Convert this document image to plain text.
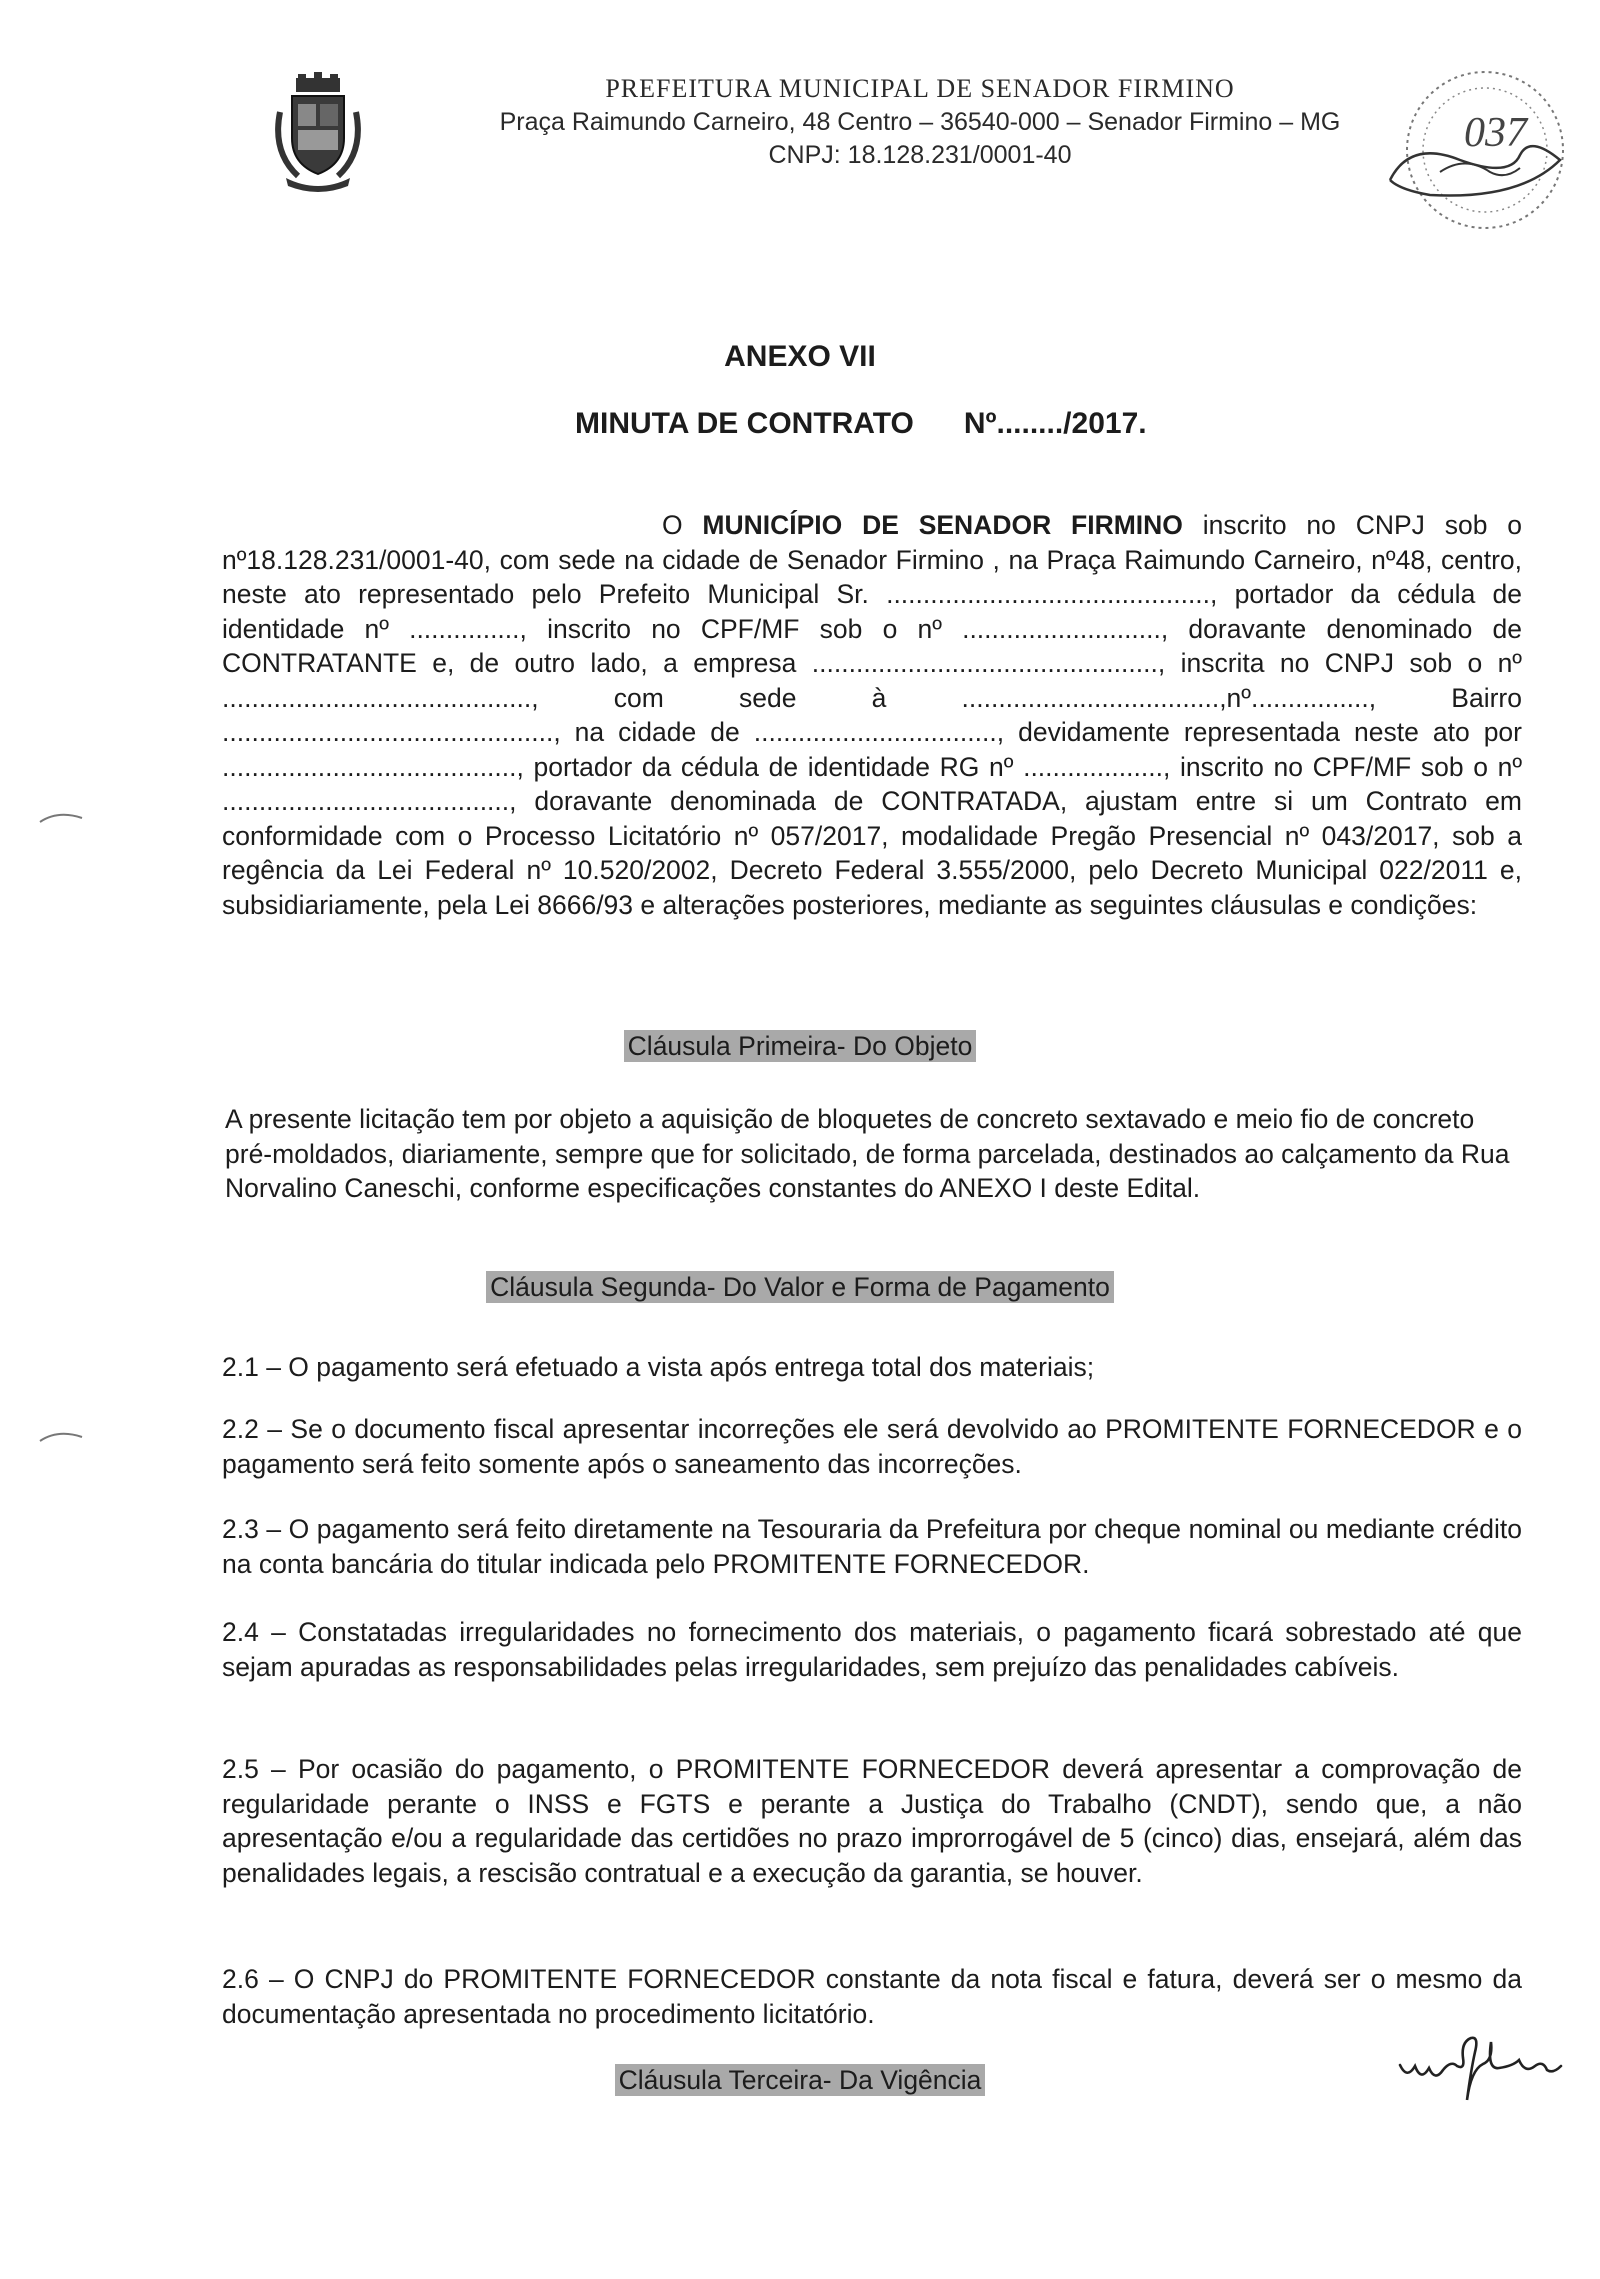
PREFEITURA MUNICIPAL DE SENADOR FIRMINO
Praça Raimundo Carneiro, 48 Centro – 36540-000 – Senador Firmino – MG
CNPJ: 18.128.231/0001-40	037
ANEXO VII
MINUTA DE CONTRATO      Nº......../2017.
O MUNICÍPIO DE SENADOR FIRMINO inscrito no CNPJ sob o nº18.128.231/0001-40, com sede na cidade de Senador Firmino , na Praça Raimundo Carneiro, nº48, centro, neste ato representado pelo Prefeito Municipal Sr. ............................................, portador da cédula de identidade nº ..............., inscrito no CPF/MF sob o nº ..........................., doravante denominado de CONTRATANTE e, de outro lado, a empresa ..............................................., inscrita no CNPJ sob o nº .........................................., com sede à ...................................,nº................, Bairro ............................................., na cidade de ................................., devidamente representada neste ato por ........................................, portador da cédula de identidade RG nº ..................., inscrito no CPF/MF sob o nº ......................................., doravante denominada de CONTRATADA, ajustam entre si um Contrato em conformidade com o Processo Licitatório nº 057/2017, modalidade Pregão Presencial nº 043/2017, sob a regência da Lei Federal nº 10.520/2002, Decreto Federal 3.555/2000, pelo Decreto Municipal 022/2011 e, subsidiariamente, pela Lei 8666/93 e alterações posteriores, mediante as seguintes cláusulas e condições:
Cláusula Primeira- Do Objeto
A presente licitação tem por objeto a aquisição de bloquetes de concreto sextavado e meio fio de concreto pré-moldados, diariamente, sempre que for solicitado, de forma parcelada, destinados ao calçamento da Rua Norvalino Caneschi, conforme especificações constantes do ANEXO I deste Edital.
Cláusula Segunda- Do Valor e Forma de Pagamento
2.1 – O pagamento será efetuado a vista após entrega total dos materiais;
2.2 – Se o documento fiscal apresentar incorreções ele será devolvido ao PROMITENTE FORNECEDOR e o pagamento será feito somente após o saneamento das incorreções.
2.3 – O pagamento será feito diretamente na Tesouraria da Prefeitura por cheque nominal ou mediante crédito na conta bancária do titular indicada pelo PROMITENTE FORNECEDOR.
2.4 – Constatadas irregularidades no fornecimento dos materiais, o pagamento ficará sobrestado até que sejam apuradas as responsabilidades pelas irregularidades, sem prejuízo das penalidades cabíveis.
2.5 – Por ocasião do pagamento, o PROMITENTE FORNECEDOR deverá apresentar a comprovação de regularidade perante o INSS e FGTS e perante a Justiça do Trabalho (CNDT), sendo que, a não apresentação e/ou a regularidade das certidões no prazo improrrogável de 5 (cinco) dias, ensejará, além das penalidades legais, a rescisão contratual e a execução da garantia, se houver.
2.6 – O CNPJ do PROMITENTE FORNECEDOR constante da nota fiscal e fatura, deverá ser o mesmo da documentação apresentada no procedimento licitatório.
Cláusula Terceira- Da Vigência
